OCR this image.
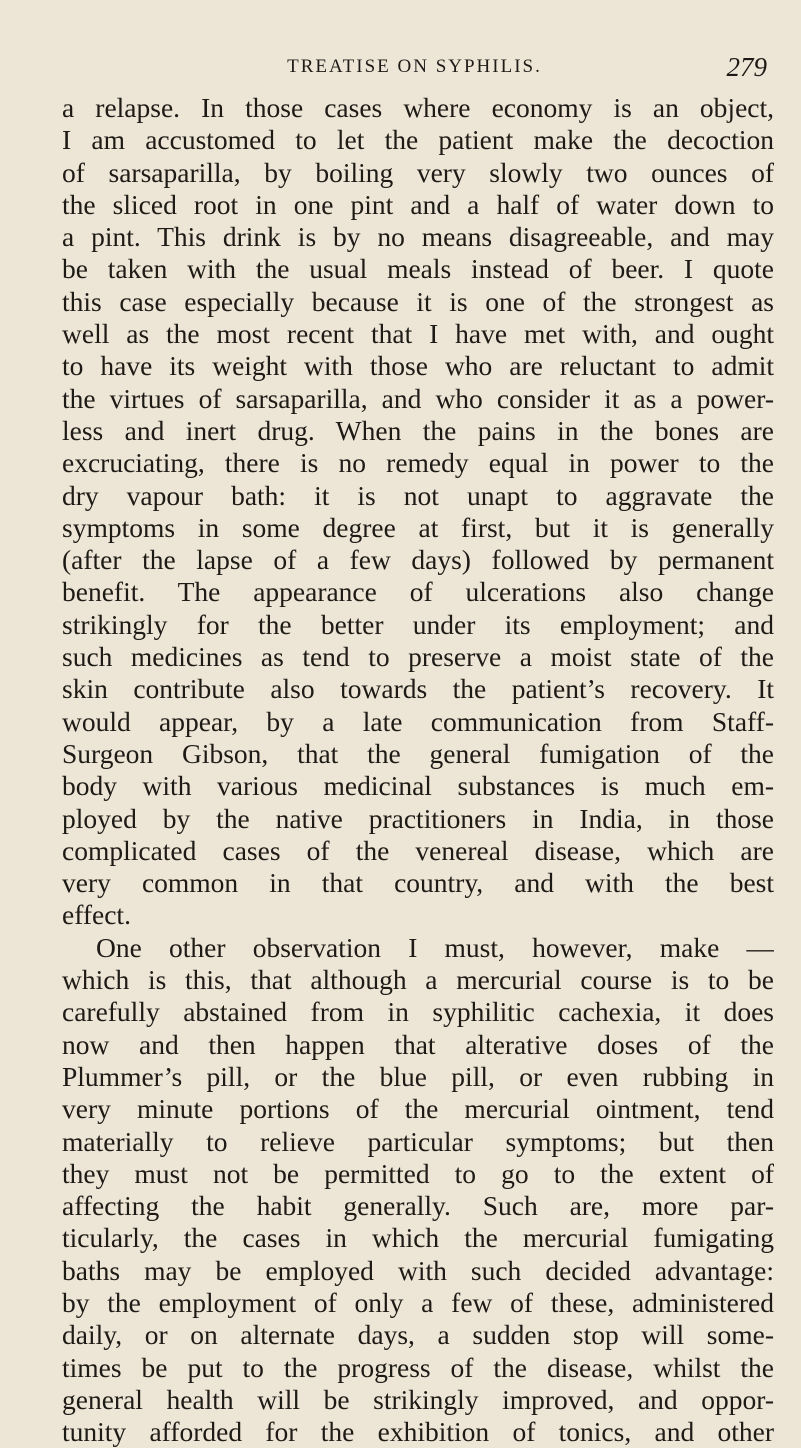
TREATISE ON SYPHILIS.	279
a relapse. In those cases where economy is an object,
I am accustomed to let the patient make the decoction
of sarsaparilla, by boiling very slowly two ounces of
the sliced root in one pint and a half of water down to
a pint. This drink is by no means disagreeable, and may
be taken with the usual meals instead of beer. I quote
this case especially because it is one of the strongest as
well as the most recent that I have met with, and ought
to have its weight with those who are reluctant to admit
the virtues of sarsaparilla, and who consider it as a power-
less and inert drug. When the pains in the bones are
excruciating, there is no remedy equal in power to the
dry vapour bath: it is not unapt to aggravate the
symptoms in some degree at first, but it is generally
(after the lapse of a few days) followed by permanent
benefit. The appearance of ulcerations also change
strikingly for the better under its employment; and
such medicines as tend to preserve a moist state of the
skin contribute also towards the patient’s recovery. It
would appear, by a late communication from Staff-
Surgeon Gibson, that the general fumigation of the
body with various medicinal substances is much em-
ployed by the native practitioners in India, in those
complicated cases of the venereal disease, which are
very common in that country, and with the best
effect.
One other observation I must, however, make —
which is this, that although a mercurial course is to be
carefully abstained from in syphilitic cachexia, it does
now and then happen that alterative doses of the
Plummer’s pill, or the blue pill, or even rubbing in
very minute portions of the mercurial ointment, tend
materially to relieve particular symptoms; but then
they must not be permitted to go to the extent of
affecting the habit generally. Such are, more par-
ticularly, the cases in which the mercurial fumigating
baths may be employed with such decided advantage:
by the employment of only a few of these, administered
daily, or on alternate days, a sudden stop will some-
times be put to the progress of the disease, whilst the
general health will be strikingly improved, and oppor-
tunity afforded for the exhibition of tonics, and other
